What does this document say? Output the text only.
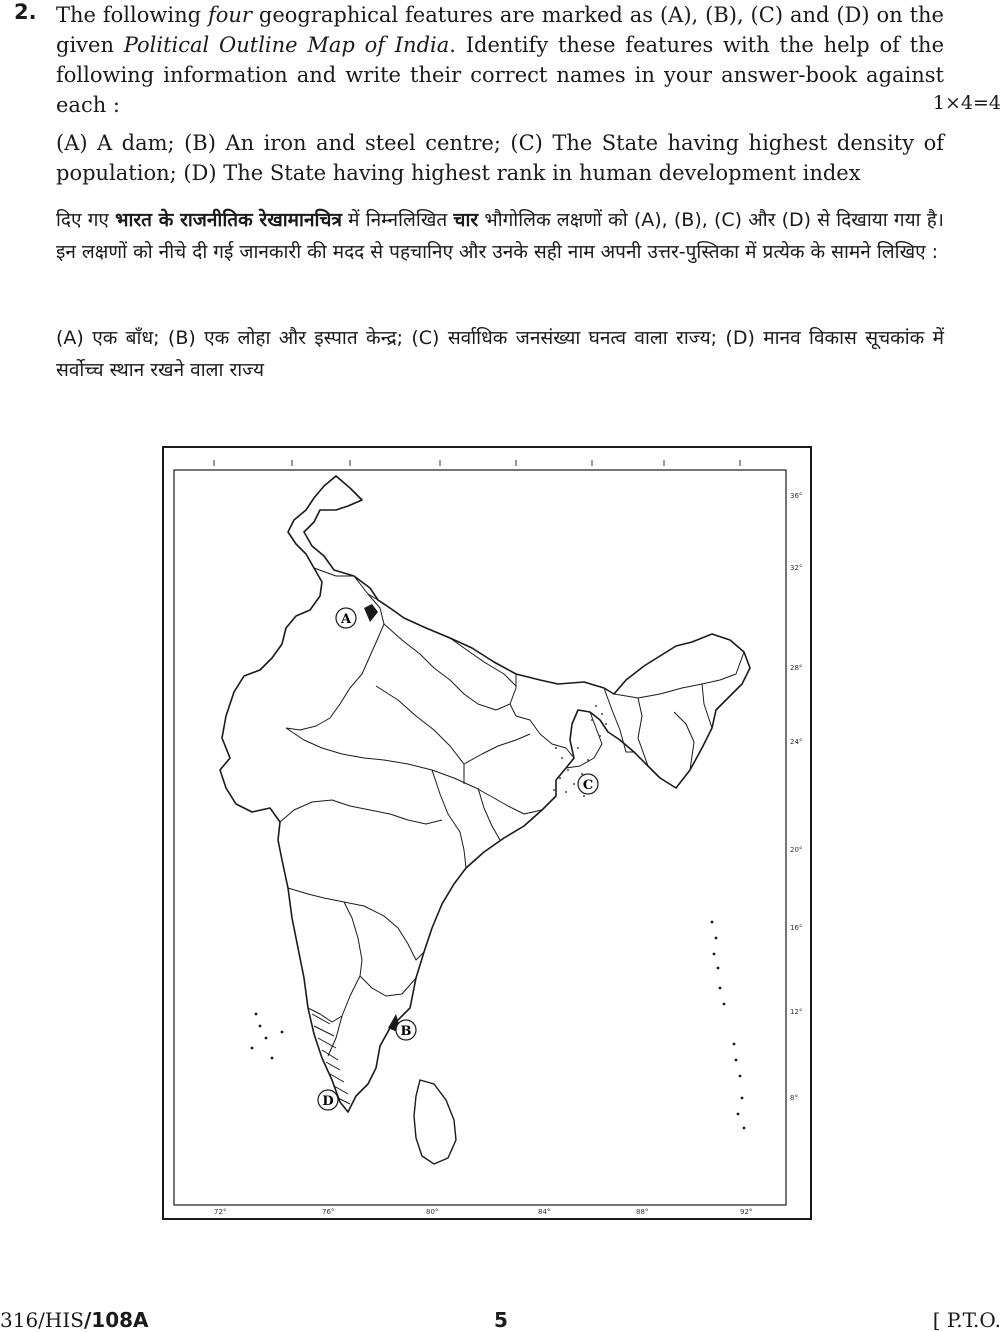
2. The following four geographical features are marked as (A), (B), (C) and (D) on the given Political Outline Map of India. Identify these features with the help of the following information and write their correct names in your answer-book against each :	1×4=4
(A) A dam; (B) An iron and steel centre; (C) The State having highest density of population; (D) The State having highest rank in human development index
दिए गए भारत के राजनीतिक रेखामानचित्र में निम्नलिखित चार भौगोलिक लक्षणों को (A), (B), (C) और (D) से दिखाया गया है। इन लक्षणों को नीचे दी गई जानकारी की मदद से पहचानिए और उनके सही नाम अपनी उत्तर-पुस्तिका में प्रत्येक के सामने लिखिए :
(A) एक बाँध; (B) एक लोहा और इस्पात केन्द्र; (C) सर्वाधिक जनसंख्या घनत्व वाला राज्य; (D) मानव विकास सूचकांक में सर्वोच्च स्थान रखने वाला राज्य
A
B
C
D
36°
32°
28°
24°
20°
16°
12°
8°
72°	76°	80°	84°	88°	92°
316/HIS/108A	5	[ P.T.O.
